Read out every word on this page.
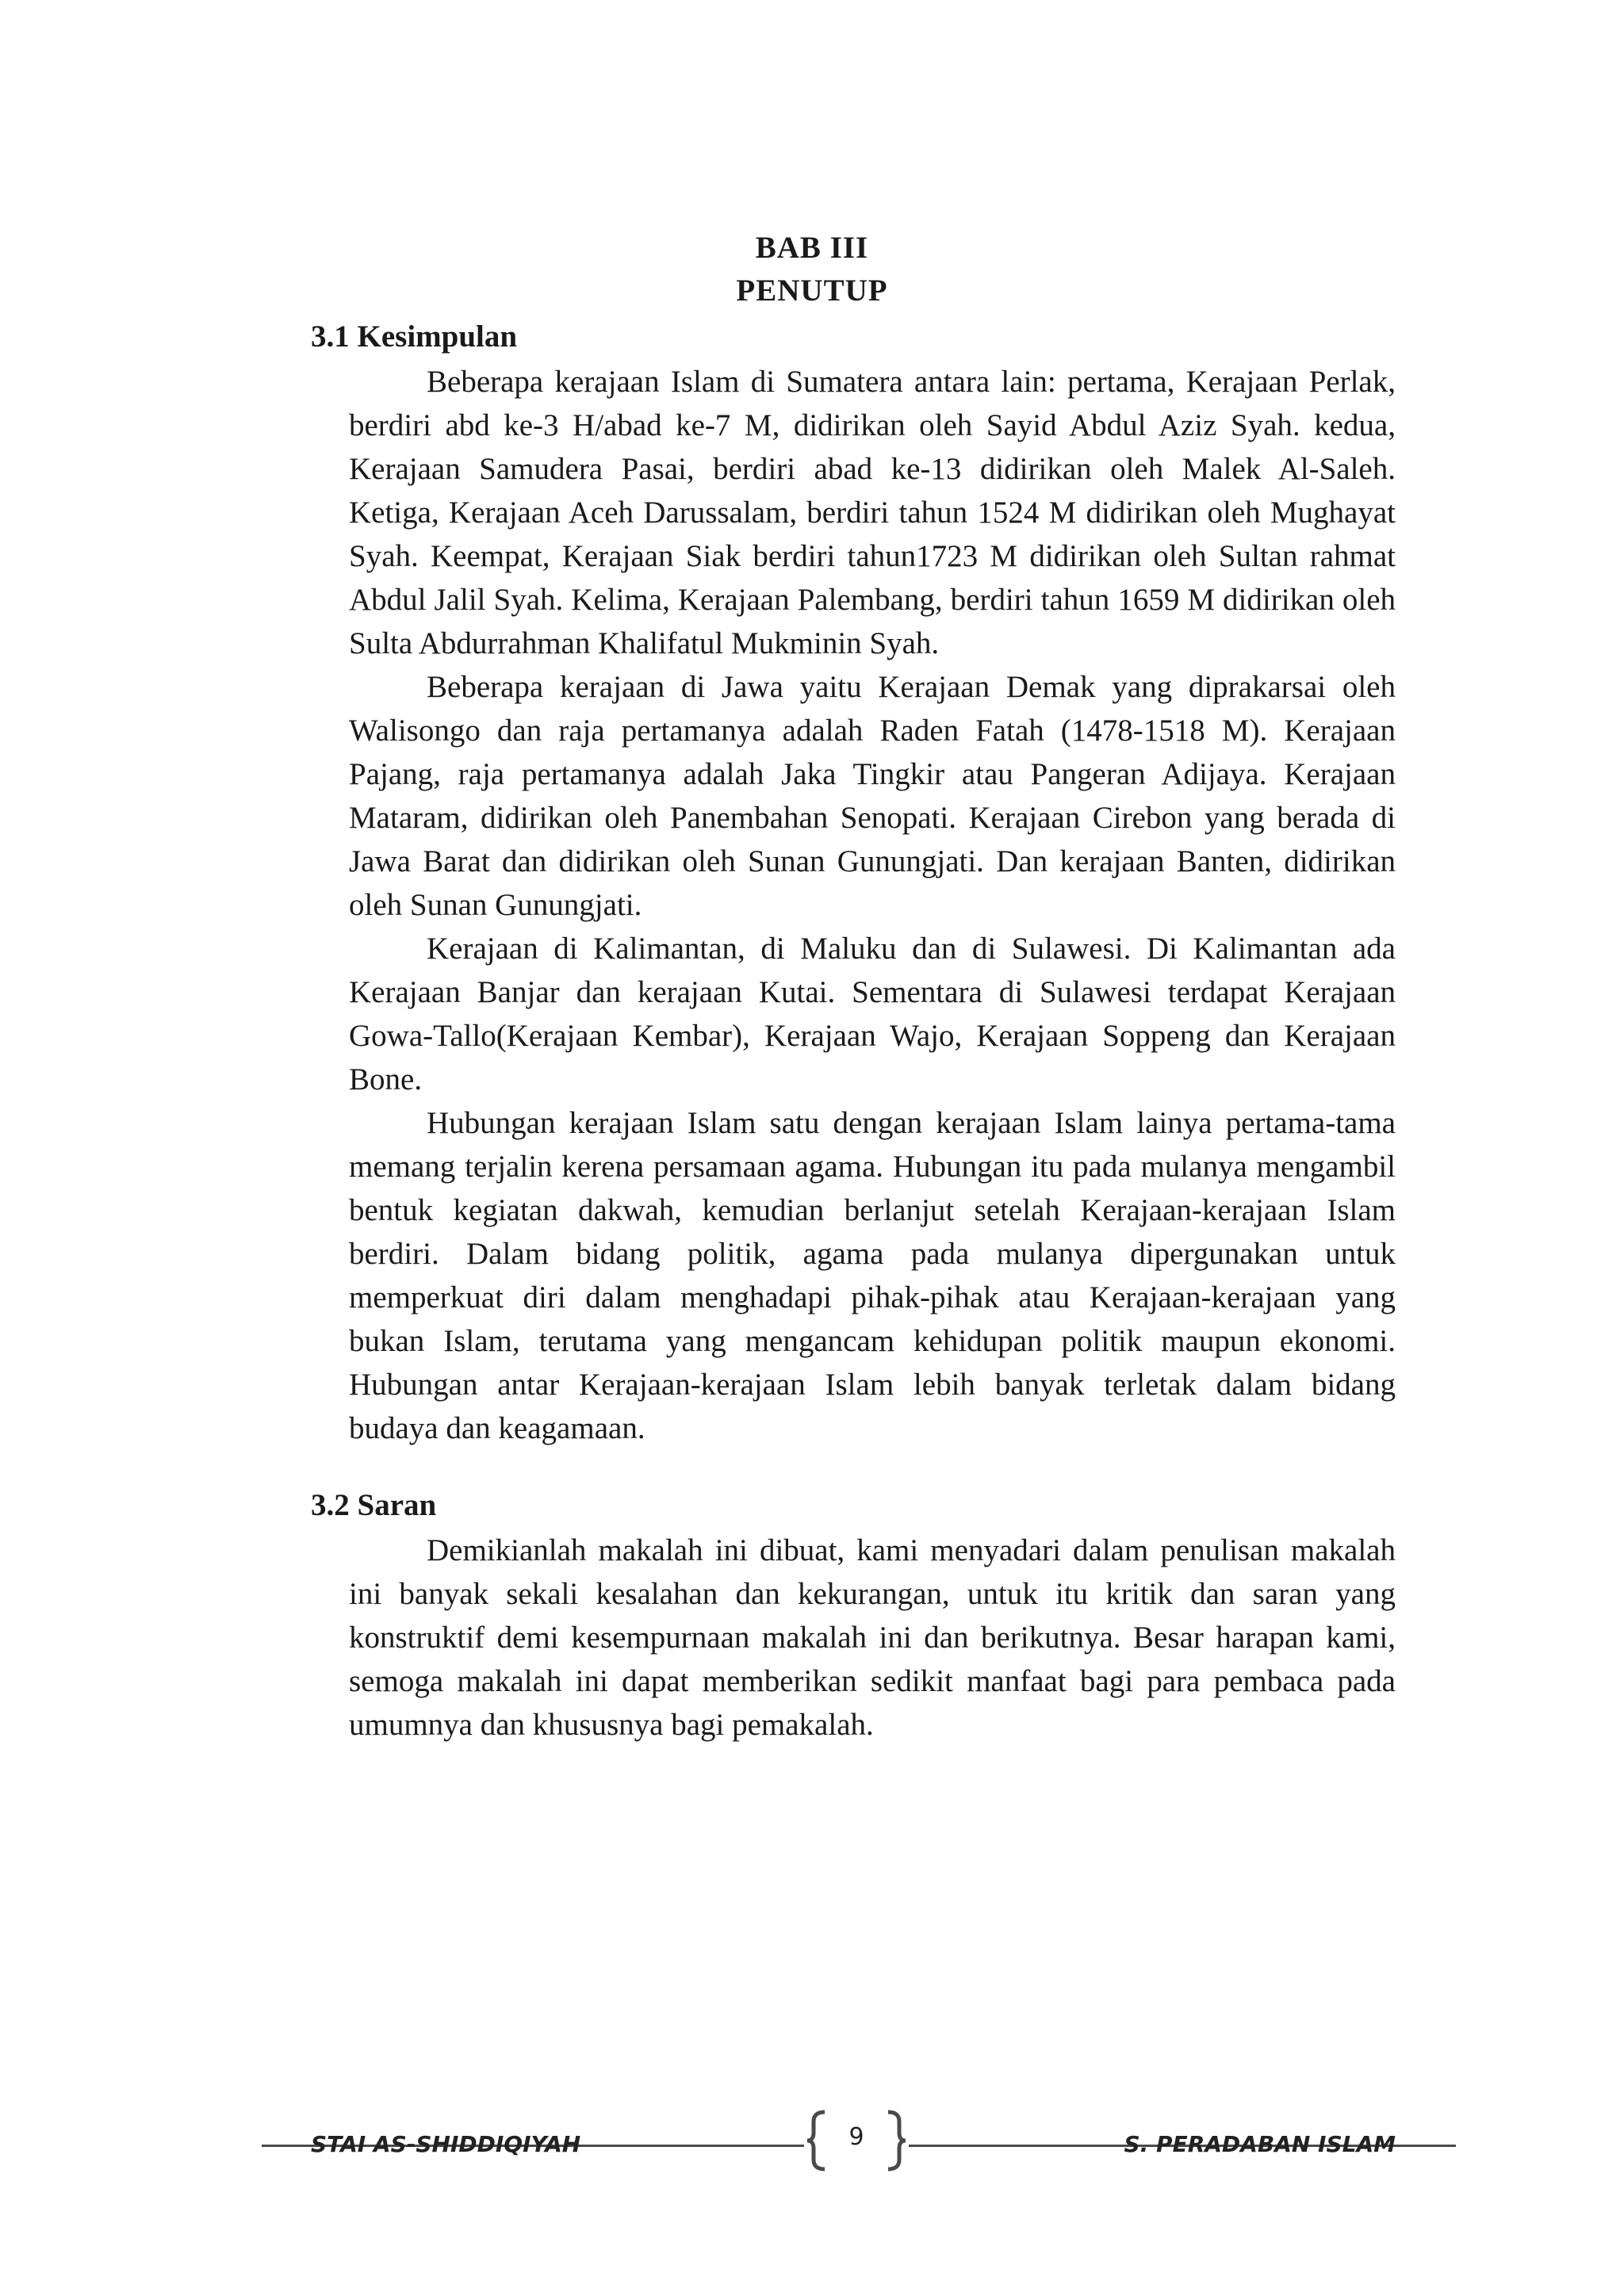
BAB III
PENUTUP
3.1 Kesimpulan

Beberapa kerajaan Islam di Sumatera antara lain: pertama, Kerajaan Perlak, berdiri abd ke-3 H/abad ke-7 M, didirikan oleh Sayid Abdul Aziz Syah. kedua, Kerajaan Samudera Pasai, berdiri abad ke-13 didirikan oleh Malek Al-Saleh. Ketiga, Kerajaan Aceh Darussalam, berdiri tahun 1524 M didirikan oleh Mughayat Syah. Keempat, Kerajaan Siak berdiri tahun1723 M didirikan oleh Sultan rahmat Abdul Jalil Syah. Kelima, Kerajaan Palembang, berdiri tahun 1659 M didirikan oleh Sulta Abdurrahman Khalifatul Mukminin Syah.

Beberapa kerajaan di Jawa yaitu Kerajaan Demak yang diprakarsai oleh Walisongo dan raja pertamanya adalah Raden Fatah (1478-1518 M). Kerajaan Pajang, raja pertamanya adalah Jaka Tingkir atau Pangeran Adijaya. Kerajaan Mataram, didirikan oleh Panembahan Senopati. Kerajaan Cirebon yang berada di Jawa Barat dan didirikan oleh Sunan Gunungjati. Dan kerajaan Banten, didirikan oleh Sunan Gunungjati.

Kerajaan di Kalimantan, di Maluku dan di Sulawesi. Di Kalimantan ada Kerajaan Banjar dan kerajaan Kutai. Sementara di Sulawesi terdapat Kerajaan Gowa-Tallo(Kerajaan Kembar), Kerajaan Wajo, Kerajaan Soppeng dan Kerajaan Bone.

Hubungan kerajaan Islam satu dengan kerajaan Islam lainya pertama-tama memang terjalin kerena persamaan agama. Hubungan itu pada mulanya mengambil bentuk kegiatan dakwah, kemudian berlanjut setelah Kerajaan-kerajaan Islam berdiri. Dalam bidang politik, agama pada mulanya dipergunakan untuk memperkuat diri dalam menghadapi pihak-pihak atau Kerajaan-kerajaan yang bukan Islam, terutama yang mengancam kehidupan politik maupun ekonomi. Hubungan antar Kerajaan-kerajaan Islam lebih banyak terletak dalam bidang budaya dan keagamaan.

3.2 Saran

Demikianlah makalah ini dibuat, kami menyadari dalam penulisan makalah ini banyak sekali kesalahan dan kekurangan, untuk itu kritik dan saran yang konstruktif demi kesempurnaan makalah ini dan berikutnya. Besar harapan kami, semoga makalah ini dapat memberikan sedikit manfaat bagi para pembaca pada umumnya dan khususnya bagi pemakalah.

STAI AS-SHIDDIQIYAH	9	S. PERADABAN ISLAM
